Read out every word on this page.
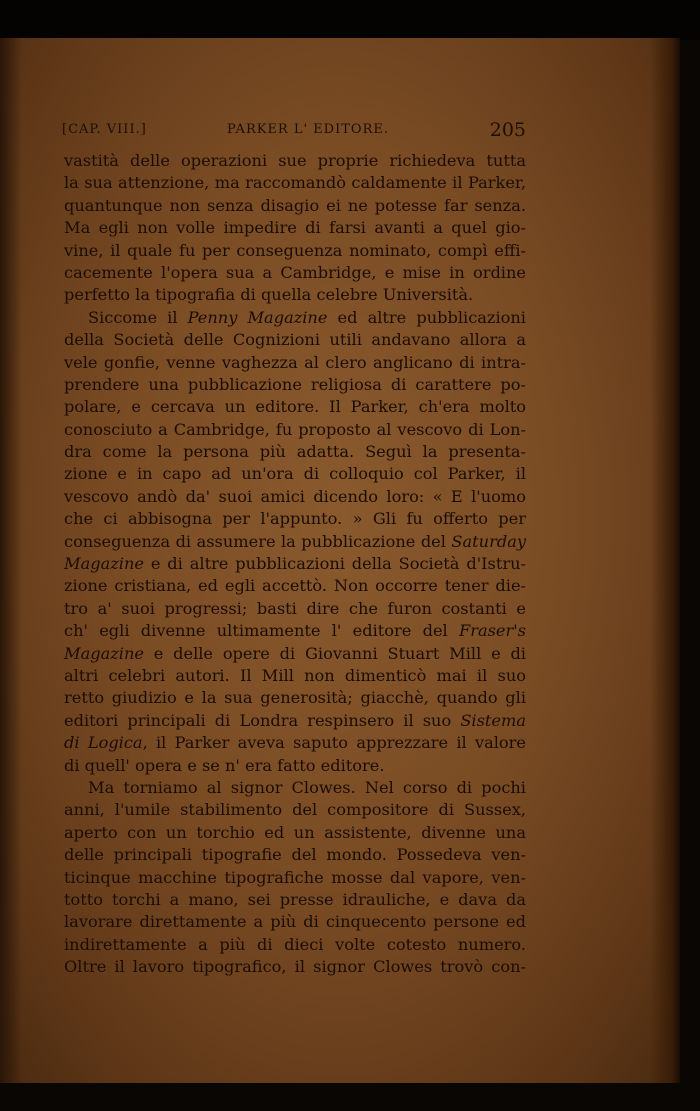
[CAP. VIII.]	PARKER L' EDITORE.	205
vastità delle operazioni sue proprie richiedeva tutta
la sua attenzione, ma raccomandò caldamente il Parker,
quantunque non senza disagio ei ne potesse far senza.
Ma egli non volle impedire di farsi avanti a quel gio-
vine, il quale fu per conseguenza nominato, compì effi-
cacemente l'opera sua a Cambridge, e mise in ordine
perfetto la tipografia di quella celebre Università.
Siccome il Penny Magazine ed altre pubblicazioni
della Società delle Cognizioni utili andavano allora a
vele gonfie, venne vaghezza al clero anglicano di intra-
prendere una pubblicazione religiosa di carattere po-
polare, e cercava un editore. Il Parker, ch'era molto
conosciuto a Cambridge, fu proposto al vescovo di Lon-
dra come la persona più adatta. Seguì la presenta-
zione e in capo ad un'ora di colloquio col Parker, il
vescovo andò da' suoi amici dicendo loro: « E l'uomo
che ci abbisogna per l'appunto. » Gli fu offerto per
conseguenza di assumere la pubblicazione del Saturday
Magazine e di altre pubblicazioni della Società d'Istru-
zione cristiana, ed egli accettò. Non occorre tener die-
tro a' suoi progressi; basti dire che furon costanti e
ch' egli divenne ultimamente l' editore del Fraser's
Magazine e delle opere di Giovanni Stuart Mill e di
altri celebri autori. Il Mill non dimenticò mai il suo
retto giudizio e la sua generosità; giacchè, quando gli
editori principali di Londra respinsero il suo Sistema
di Logica, il Parker aveva saputo apprezzare il valore
di quell' opera e se n' era fatto editore.
Ma torniamo al signor Clowes. Nel corso di pochi
anni, l'umile stabilimento del compositore di Sussex,
aperto con un torchio ed un assistente, divenne una
delle principali tipografie del mondo. Possedeva ven-
ticinque macchine tipografiche mosse dal vapore, ven-
totto torchi a mano, sei presse idrauliche, e dava da
lavorare direttamente a più di cinquecento persone ed
indirettamente a più di dieci volte cotesto numero.
Oltre il lavoro tipografico, il signor Clowes trovò con-
